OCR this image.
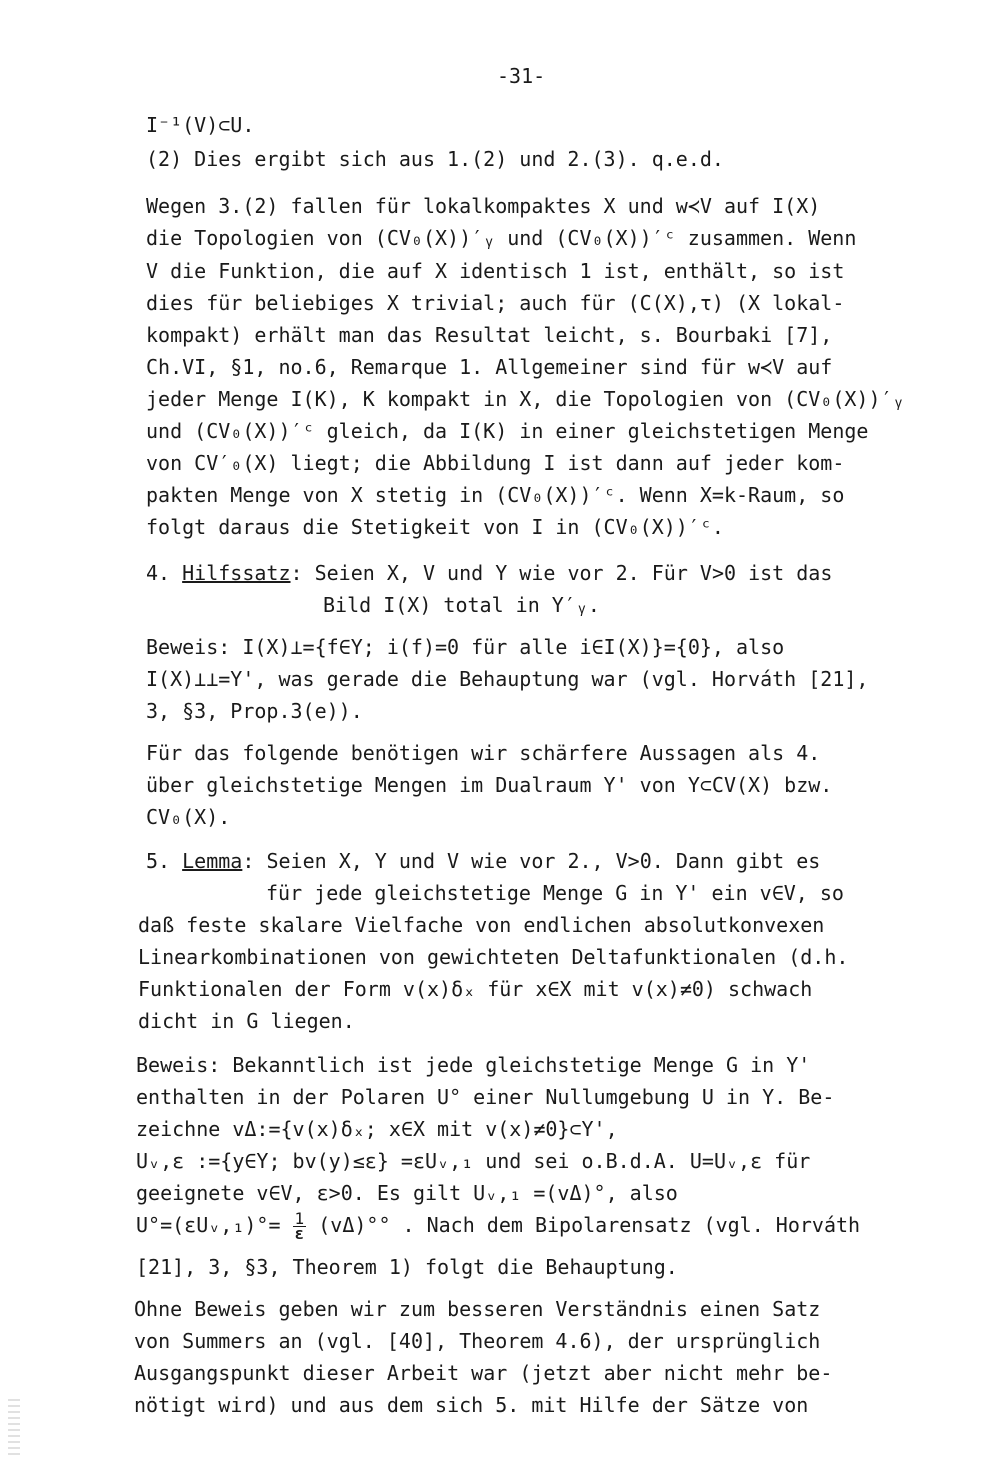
-31-
I⁻¹(V)⊂U.
(2) Dies ergibt sich aus 1.(2) und 2.(3). q.e.d.
Wegen 3.(2) fallen für lokalkompaktes X und w≺V auf I(X)
die Topologien von (CV₀(X))′ᵧ und (CV₀(X))′ᶜ zusammen. Wenn
V die Funktion, die auf X identisch 1 ist, enthält, so ist
dies für beliebiges X trivial; auch für (C(X),τ) (X lokal-
kompakt) erhält man das Resultat leicht, s. Bourbaki [7],
Ch.VI, §1, no.6, Remarque 1. Allgemeiner sind für w≺V auf
jeder Menge I(K), K kompakt in X, die Topologien von (CV₀(X))′ᵧ
und (CV₀(X))′ᶜ gleich, da I(K) in einer gleichstetigen Menge
von CV′₀(X) liegt; die Abbildung I ist dann auf jeder kom-
pakten Menge von X stetig in (CV₀(X))′ᶜ. Wenn X=k-Raum, so
folgt daraus die Stetigkeit von I in (CV₀(X))′ᶜ.
4. Hilfssatz: Seien X, V und Y wie vor 2. Für V>0 ist das
Bild I(X) total in Y′ᵧ.
Beweis: I(X)⊥={f∈Y; i(f)=0 für alle i∈I(X)}={0}, also
I(X)⊥⊥=Y', was gerade die Behauptung war (vgl. Horváth [21],
3, §3, Prop.3(e)).
Für das folgende benötigen wir schärfere Aussagen als 4.
über gleichstetige Mengen im Dualraum Y' von Y⊂CV(X) bzw.
CV₀(X).
5. Lemma: Seien X, Y und V wie vor 2., V>0. Dann gibt es
für jede gleichstetige Menge G in Y' ein v∈V, so
daß feste skalare Vielfache von endlichen absolutkonvexen
Linearkombinationen von gewichteten Deltafunktionalen (d.h.
Funktionalen der Form v(x)δₓ für x∈X mit v(x)≠0) schwach
dicht in G liegen.
Beweis: Bekanntlich ist jede gleichstetige Menge G in Y'
enthalten in der Polaren U° einer Nullumgebung U in Y. Be-
zeichne vΔ:={v(x)δₓ; x∈X mit v(x)≠0}⊂Y',
Uᵥ,ε :={y∈Y; bv(y)≤ε} =εUᵥ,₁ und sei o.B.d.A. U=Uᵥ,ε für
geeignete v∈V, ε>0. Es gilt Uᵥ,₁ =(vΔ)°, also
U°=(εUᵥ,₁)°= $\frac{1}{\varepsilon} (v\Delta)^\circ^\circ$ . Nach dem Bipolarensatz (vgl. Horváth
[21], 3, §3, Theorem 1) folgt die Behauptung.
Ohne Beweis geben wir zum besseren Verständnis einen Satz
von Summers an (vgl. [40], Theorem 4.6), der ursprünglich
Ausgangspunkt dieser Arbeit war (jetzt aber nicht mehr be-
nötigt wird) und aus dem sich 5. mit Hilfe der Sätze von
